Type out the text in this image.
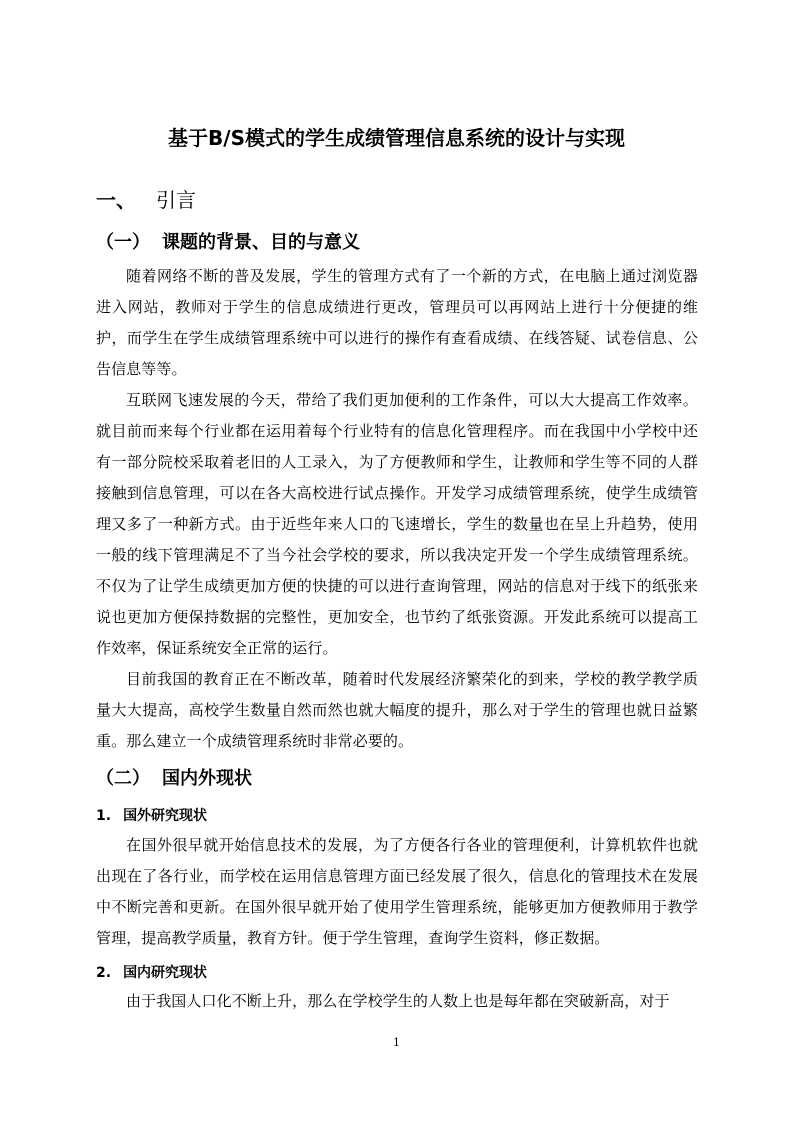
基于B/S模式的学生成绩管理信息系统的设计与实现
一、 引言
（一） 课题的背景、目的与意义
随着网络不断的普及发展，学生的管理方式有了一个新的方式，在电脑上通过浏览器进入网站，教师对于学生的信息成绩进行更改，管理员可以再网站上进行十分便捷的维护，而学生在学生成绩管理系统中可以进行的操作有查看成绩、在线答疑、试卷信息、公告信息等等。
互联网飞速发展的今天，带给了我们更加便利的工作条件，可以大大提高工作效率。就目前而来每个行业都在运用着每个行业特有的信息化管理程序。而在我国中小学校中还有一部分院校采取着老旧的人工录入，为了方便教师和学生，让教师和学生等不同的人群接触到信息管理，可以在各大高校进行试点操作。开发学习成绩管理系统，使学生成绩管理又多了一种新方式。由于近些年来人口的飞速增长，学生的数量也在呈上升趋势，使用一般的线下管理满足不了当今社会学校的要求，所以我决定开发一个学生成绩管理系统。不仅为了让学生成绩更加方便的快捷的可以进行查询管理，网站的信息对于线下的纸张来说也更加方便保持数据的完整性，更加安全，也节约了纸张资源。开发此系统可以提高工作效率，保证系统安全正常的运行。
目前我国的教育正在不断改革，随着时代发展经济繁荣化的到来，学校的教学教学质量大大提高，高校学生数量自然而然也就大幅度的提升，那么对于学生的管理也就日益繁重。那么建立一个成绩管理系统时非常必要的。
（二） 国内外现状
1. 国外研究现状
在国外很早就开始信息技术的发展，为了方便各行各业的管理便利，计算机软件也就出现在了各行业，而学校在运用信息管理方面已经发展了很久，信息化的管理技术在发展中不断完善和更新。在国外很早就开始了使用学生管理系统，能够更加方便教师用于教学管理，提高教学质量，教育方针。便于学生管理，查询学生资料，修正数据。
2. 国内研究现状
由于我国人口化不断上升，那么在学校学生的人数上也是每年都在突破新高，对于
1
